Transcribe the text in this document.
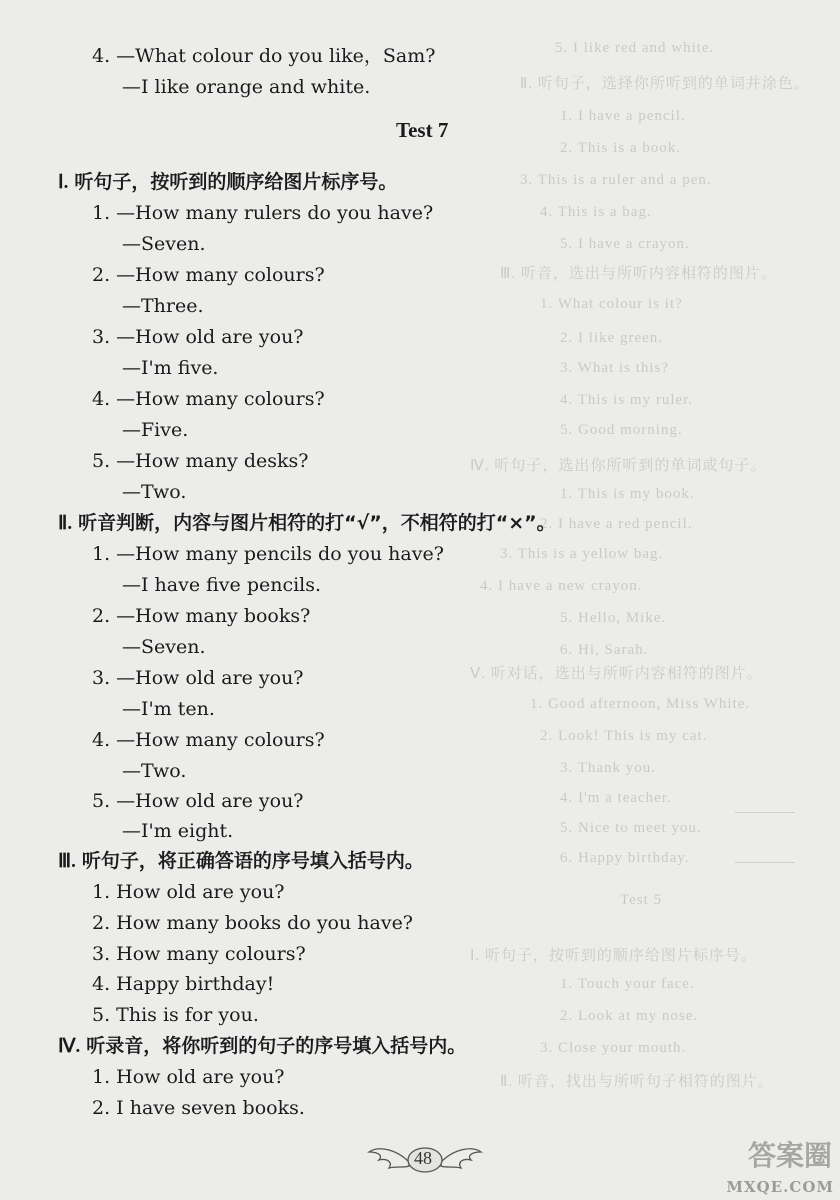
5. I like red and white.
Ⅱ. 听句子，选择你所听到的单词并涂色。
1. I have a pencil.
2. This is a book.
3. This is a ruler and a pen.
4. This is a bag.
5. I have a crayon.
Ⅲ. 听音，选出与所听内容相符的图片。
1. What colour is it?
2. I like green.
3. What is this?
4. This is my ruler.
5. Good morning.
Ⅳ. 听句子，选出你所听到的单词或句子。
1. This is my book.
2. I have a red pencil.
3. This is a yellow bag.
4. I have a new crayon.
5. Hello, Mike.
6. Hi, Sarah.
Ⅴ. 听对话，选出与所听内容相符的图片。
1. Good afternoon, Miss White.
2. Look! This is my cat.
3. Thank you.
4. I'm a teacher.
5. Nice to meet you.
6. Happy birthday.
Test 5
Ⅰ. 听句子，按听到的顺序给图片标序号。
1. Touch your face.
2. Look at my nose.
3. Close your mouth.
Ⅱ. 听音，找出与所听句子相符的图片。
4. —What colour do you like，Sam?
—I like orange and white.
Test 7
Ⅰ. 听句子，按听到的顺序给图片标序号。
1. —How many rulers do you have?
—Seven.
2. —How many colours?
—Three.
3. —How old are you?
—I'm five.
4. —How many colours?
—Five.
5. —How many desks?
—Two.
Ⅱ. 听音判断，内容与图片相符的打“√”，不相符的打“×”。
1. —How many pencils do you have?
—I have five pencils.
2. —How many books?
—Seven.
3. —How old are you?
—I'm ten.
4. —How many colours?
—Two.
5. —How old are you?
—I'm eight.
Ⅲ. 听句子，将正确答语的序号填入括号内。
1. How old are you?
2. How many books do you have?
3. How many colours?
4. Happy birthday!
5. This is for you.
Ⅳ. 听录音，将你听到的句子的序号填入括号内。
1. How old are you?
2. I have seven books.
48	答案圈
MXQE.COM
